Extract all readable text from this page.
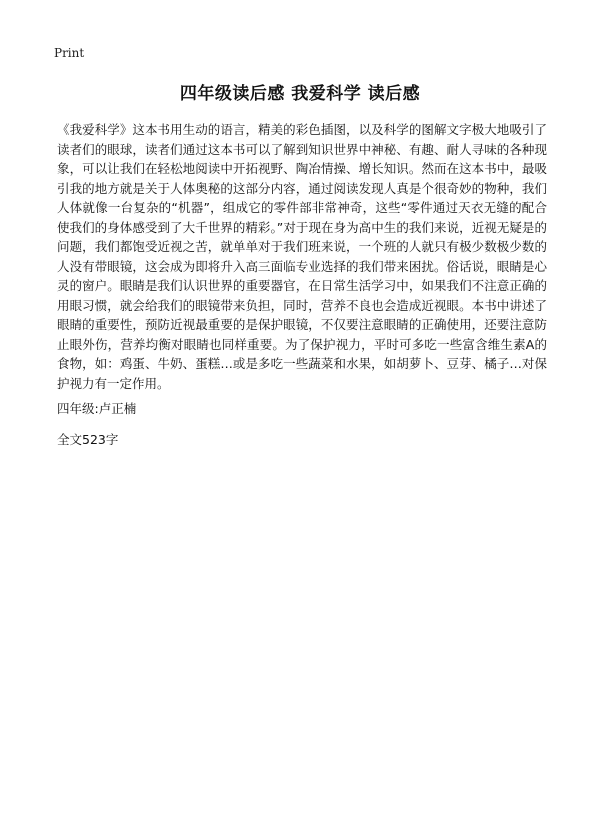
Print
四年级读后感 我爱科学 读后感

《我爱科学》这本书用生动的语言，精美的彩色插图，以及科学的图解文字极大地吸引了读者们的眼球，读者们通过这本书可以了解到知识世界中神秘、有趣、耐人寻味的各种现象，可以让我们在轻松地阅读中开拓视野、陶冶情操、增长知识。然而在这本书中，最吸引我的地方就是关于人体奥秘的这部分内容，通过阅读发现人真是个很奇妙的物种，我们人体就像一台复杂的“机器”，组成它的零件部非常神奇，这些“零件通过天衣无缝的配合使我们的身体感受到了大千世界的精彩。”对于现在身为高中生的我们来说，近视无疑是的问题，我们都饱受近视之苦，就单单对于我们班来说，一个班的人就只有极少数极少数的人没有带眼镜，这会成为即将升入高三面临专业选择的我们带来困扰。俗话说，眼睛是心灵的窗户。眼睛是我们认识世界的重要器官，在日常生活学习中，如果我们不注意正确的用眼习惯，就会给我们的眼镜带来负担，同时，营养不良也会造成近视眼。本书中讲述了眼睛的重要性，预防近视最重要的是保护眼镜，不仅要注意眼睛的正确使用，还要注意防止眼外伤，营养均衡对眼睛也同样重要。为了保护视力，平时可多吃一些富含维生素A的食物，如：鸡蛋、牛奶、蛋糕…或是多吃一些蔬菜和水果，如胡萝卜、豆芽、橘子…对保护视力有一定作用。

四年级:卢正楠

全文523字
